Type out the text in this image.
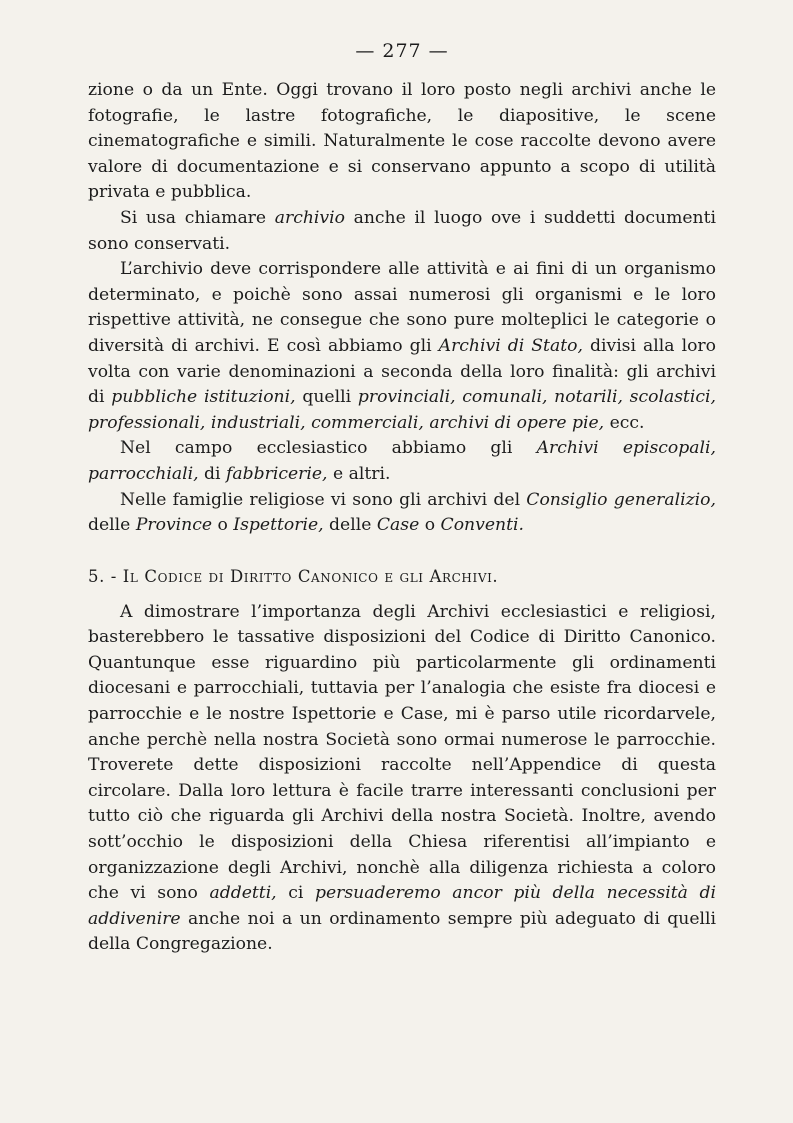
— 277 —

zione o da un Ente. Oggi trovano il loro posto negli archivi anche le fotografie, le lastre fotografiche, le diapositive, le scene cinematografiche e simili. Naturalmente le cose raccolte devono avere valore di documentazione e si conservano appunto a scopo di utilità privata e pubblica.

Si usa chiamare archivio anche il luogo ove i suddetti documenti sono conservati.

L’archivio deve corrispondere alle attività e ai fini di un organismo determinato, e poichè sono assai numerosi gli organismi e le loro rispettive attività, ne consegue che sono pure molteplici le categorie o diversità di archivi. E così abbiamo gli Archivi di Stato, divisi alla loro volta con varie denominazioni a seconda della loro finalità: gli archivi di pubbliche istituzioni, quelli provinciali, comunali, notarili, scolastici, professionali, industriali, commerciali, archivi di opere pie, ecc.

Nel campo ecclesiastico abbiamo gli Archivi episcopali, parrocchiali, di fabbricerie, e altri.

Nelle famiglie religiose vi sono gli archivi del Consiglio generalizio, delle Province o Ispettorie, delle Case o Conventi.

5. - Il Codice di Diritto Canonico e gli Archivi.

A dimostrare l’importanza degli Archivi ecclesiastici e religiosi, basterebbero le tassative disposizioni del Codice di Diritto Canonico. Quantunque esse riguardino più particolarmente gli ordinamenti diocesani e parrocchiali, tuttavia per l’analogia che esiste fra diocesi e parrocchie e le nostre Ispettorie e Case, mi è parso utile ricordarvele, anche perchè nella nostra Società sono ormai numerose le parrocchie. Troverete dette disposizioni raccolte nell’Appendice di questa circolare. Dalla loro lettura è facile trarre interessanti conclusioni per tutto ciò che riguarda gli Archivi della nostra Società. Inoltre, avendo sott’occhio le disposizioni della Chiesa riferentisi all’impianto e organizzazione degli Archivi, nonchè alla diligenza richiesta a coloro che vi sono addetti, ci persuaderemo ancor più della necessità di addivenire anche noi a un ordinamento sempre più adeguato di quelli della Congregazione.
